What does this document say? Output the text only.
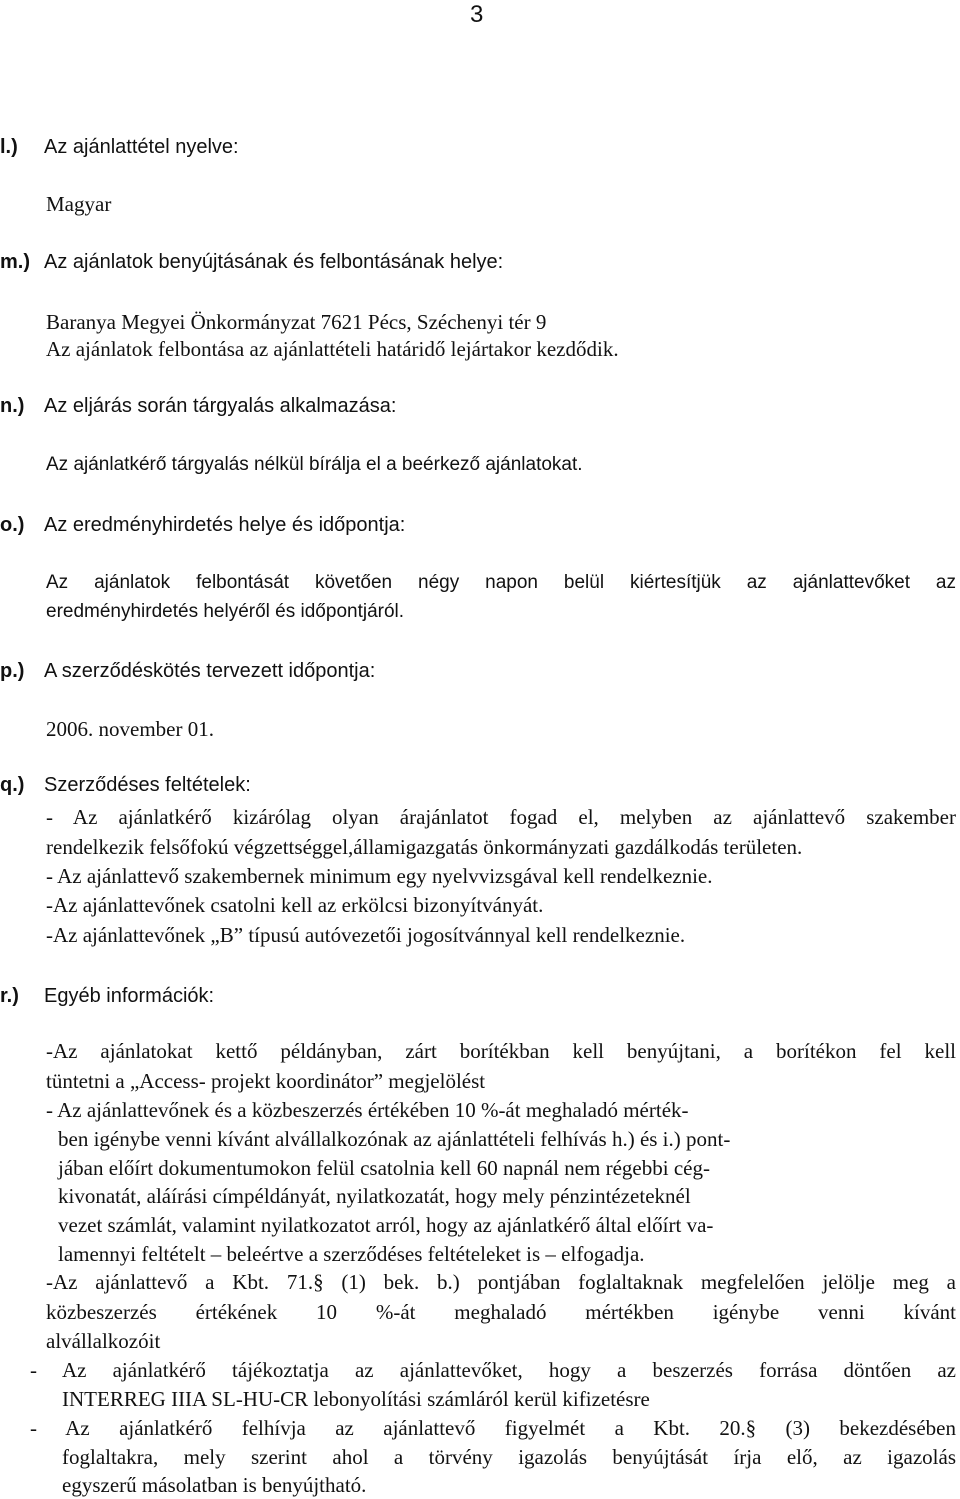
3
l.) Az ajánlattétel nyelve:
Magyar
m.) Az ajánlatok benyújtásának és felbontásának helye:
Baranya Megyei Önkormányzat 7621 Pécs, Széchenyi tér 9
Az ajánlatok felbontása az ajánlattételi határidő lejártakor kezdődik.
n.) Az eljárás során tárgyalás alkalmazása:
Az ajánlatkérő tárgyalás nélkül bírálja el a beérkező ajánlatokat.
o.) Az eredményhirdetés helye és időpontja:
Az ajánlatok felbontását követően négy napon belül kiértesítjük az ajánlattevőket az
eredményhirdetés helyéről és időpontjáról.
p.) A szerződéskötés tervezett időpontja:
2006. november 01.
q.) Szerződéses feltételek:
- Az ajánlatkérő kizárólag olyan árajánlatot fogad el, melyben az ajánlattevő szakember
rendelkezik felsőfokú végzettséggel,államigazgatás önkormányzati gazdálkodás területen.
- Az ajánlattevő szakembernek minimum egy nyelvvizsgával kell rendelkeznie.
-Az ajánlattevőnek csatolni kell az erkölcsi bizonyítványát.
-Az ajánlattevőnek „B” típusú autóvezetői jogosítvánnyal kell rendelkeznie.
r.) Egyéb információk:
-Az ajánlatokat kettő példányban, zárt borítékban kell benyújtani, a borítékon fel kell
tüntetni a „Access- projekt koordinátor” megjelölést
- Az ajánlattevőnek és a közbeszerzés értékében 10 %-át meghaladó mérték-
ben igénybe venni kívánt alvállalkozónak az ajánlattételi felhívás h.) és i.) pont-
jában előírt dokumentumokon felül csatolnia kell 60 napnál nem régebbi cég-
kivonatát, aláírási címpéldányát, nyilatkozatát, hogy mely pénzintézeteknél
vezet számlát, valamint nyilatkozatot arról, hogy az ajánlatkérő által előírt va-
lamennyi feltételt – beleértve a szerződéses feltételeket is – elfogadja.
-Az ajánlattevő a Kbt. 71.§ (1) bek. b.) pontjában foglaltaknak megfelelően jelölje meg a
közbeszerzés értékének 10 %-át meghaladó mértékben igénybe venni kívánt
alvállalkozóit
- Az ajánlatkérő tájékoztatja az ajánlattevőket, hogy a beszerzés forrása döntően az
INTERREG IIIA SL-HU-CR lebonyolítási számláról kerül kifizetésre
- Az ajánlatkérő felhívja az ajánlattevő figyelmét a Kbt. 20.§ (3) bekezdésében
foglaltakra, mely szerint ahol a törvény igazolás benyújtását írja elő, az igazolás
egyszerű másolatban is benyújtható.
